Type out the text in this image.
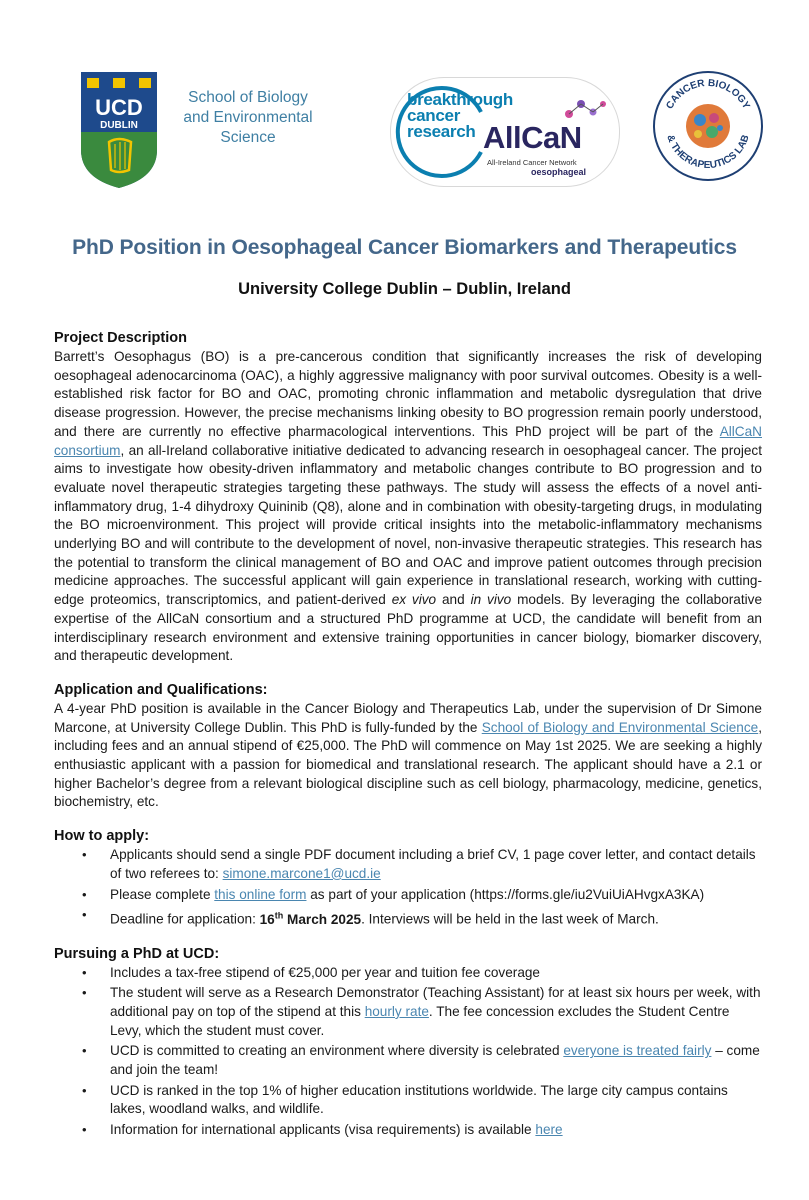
UCD
DUBLIN
School of Biology
and Environmental
Science
breakthrough
cancer
research AllCaN
All-Ireland Cancer Network
oesophageal
CANCER BIOLOGY
& THERAPEUTICS LAB
PhD Position in Oesophageal Cancer Biomarkers and Therapeutics
University College Dublin – Dublin, Ireland
Project Description

Barrett’s Oesophagus (BO) is a pre-cancerous condition that significantly increases the risk of developing oesophageal adenocarcinoma (OAC), a highly aggressive malignancy with poor survival outcomes. Obesity is a well-established risk factor for BO and OAC, promoting chronic inflammation and metabolic dysregulation that drive disease progression. However, the precise mechanisms linking obesity to BO progression remain poorly understood, and there are currently no effective pharmacological interventions. This PhD project will be part of the AllCaN consortium, an all-Ireland collaborative initiative dedicated to advancing research in oesophageal cancer. The project aims to investigate how obesity-driven inflammatory and metabolic changes contribute to BO progression and to evaluate novel therapeutic strategies targeting these pathways. The study will assess the effects of a novel anti-inflammatory drug, 1-4 dihydroxy Quininib (Q8), alone and in combination with obesity-targeting drugs, in modulating the BO microenvironment. This project will provide critical insights into the metabolic-inflammatory mechanisms underlying BO and will contribute to the development of novel, non-invasive therapeutic strategies. This research has the potential to transform the clinical management of BO and OAC and improve patient outcomes through precision medicine approaches. The successful applicant will gain experience in translational research, working with cutting-edge proteomics, transcriptomics, and patient-derived ex vivo and in vivo models. By leveraging the collaborative expertise of the AllCaN consortium and a structured PhD programme at UCD, the candidate will benefit from an interdisciplinary research environment and extensive training opportunities in cancer biology, biomarker discovery, and therapeutic development.

Application and Qualifications:

A 4-year PhD position is available in the Cancer Biology and Therapeutics Lab, under the supervision of Dr Simone Marcone, at University College Dublin. This PhD is fully-funded by the School of Biology and Environmental Science, including fees and an annual stipend of €25,000. The PhD will commence on May 1st 2025. We are seeking a highly enthusiastic applicant with a passion for biomedical and translational research. The applicant should have a 2.1 or higher Bachelor’s degree from a relevant biological discipline such as cell biology, pharmacology, medicine, genetics, biochemistry, etc.

How to apply:
• Applicants should send a single PDF document including a brief CV, 1 page cover letter, and contact details of two referees to: simone.marcone1@ucd.ie
• Please complete this online form as part of your application (https://forms.gle/iu2VuiUiAHvgxA3KA)
• Deadline for application: 16th March 2025. Interviews will be held in the last week of March.
Pursuing a PhD at UCD:
• Includes a tax-free stipend of €25,000 per year and tuition fee coverage
• The student will serve as a Research Demonstrator (Teaching Assistant) for at least six hours per week, with additional pay on top of the stipend at this hourly rate. The fee concession excludes the Student Centre Levy, which the student must cover.
• UCD is committed to creating an environment where diversity is celebrated everyone is treated fairly – come and join the team!
• UCD is ranked in the top 1% of higher education institutions worldwide. The large city campus contains lakes, woodland walks, and wildlife.
• Information for international applicants (visa requirements) is available here
